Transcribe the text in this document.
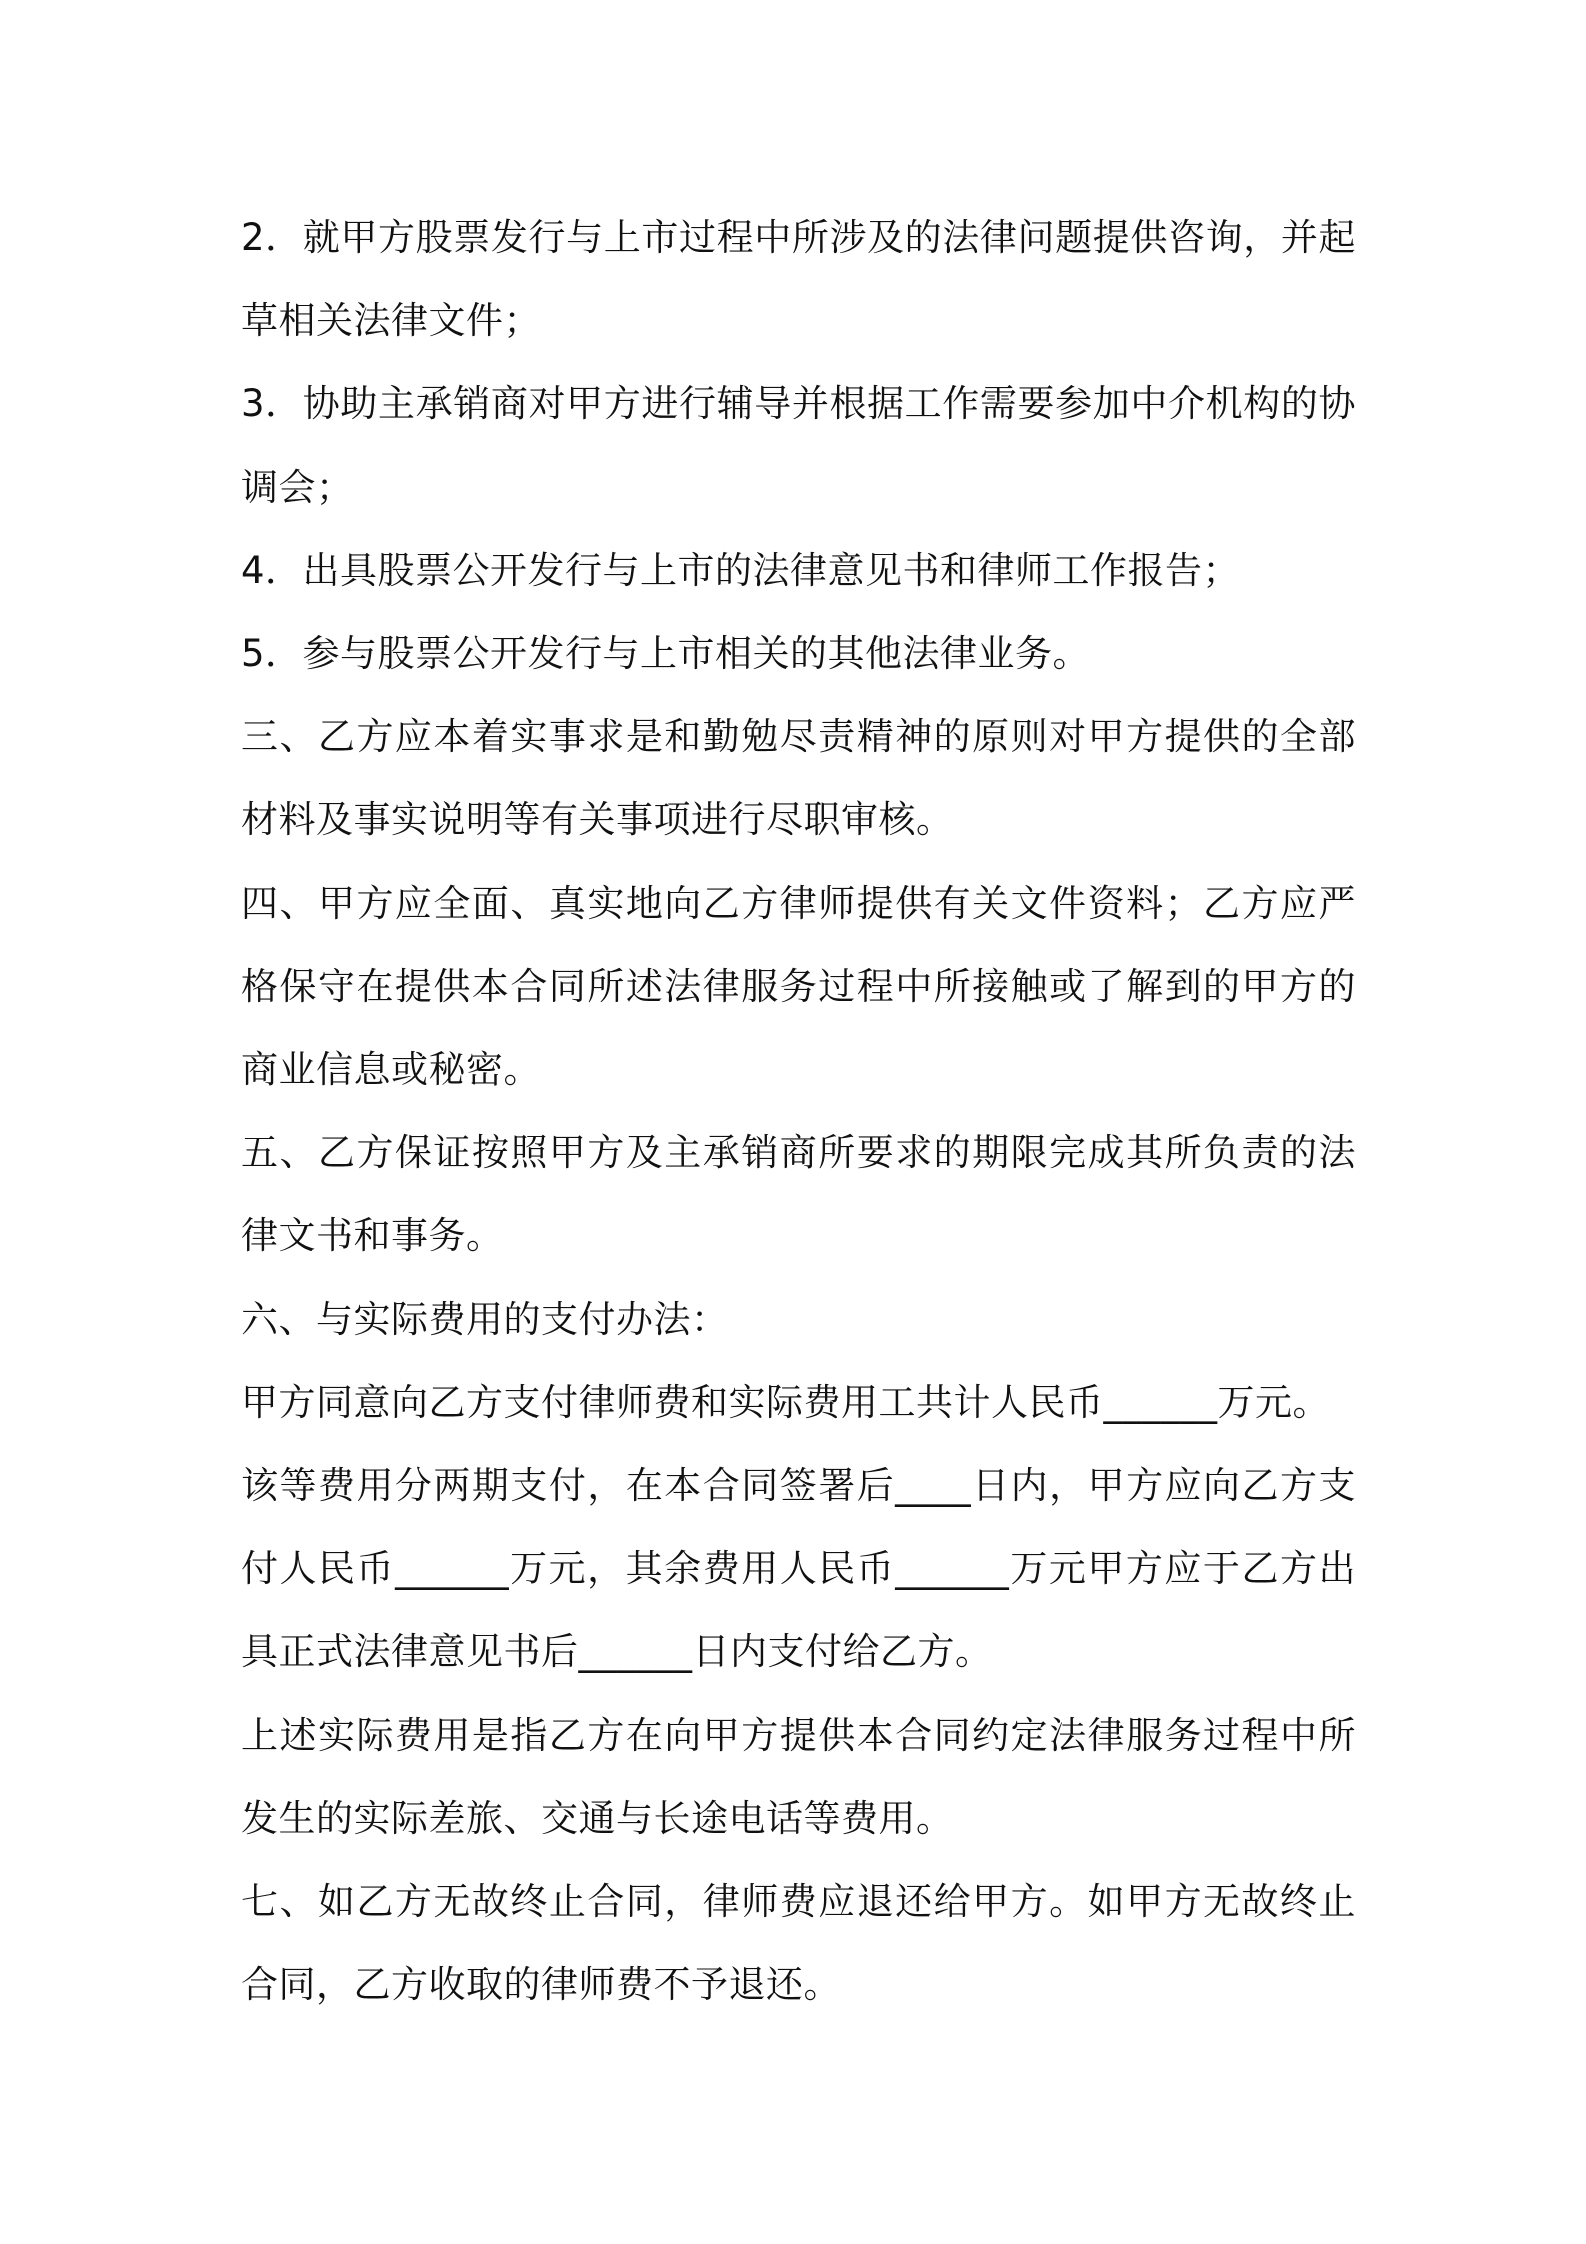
2．就甲方股票发行与上市过程中所涉及的法律问题提供咨询，并起草相关法律文件；

3．协助主承销商对甲方进行辅导并根据工作需要参加中介机构的协调会；

4．出具股票公开发行与上市的法律意见书和律师工作报告；

5．参与股票公开发行与上市相关的其他法律业务。

三、乙方应本着实事求是和勤勉尽责精神的原则对甲方提供的全部材料及事实说明等有关事项进行尽职审核。

四、甲方应全面、真实地向乙方律师提供有关文件资料；乙方应严格保守在提供本合同所述法律服务过程中所接触或了解到的甲方的商业信息或秘密。

五、乙方保证按照甲方及主承销商所要求的期限完成其所负责的法律文书和事务。

六、与实际费用的支付办法：

甲方同意向乙方支付律师费和实际费用工共计人民币______万元。

该等费用分两期支付，在本合同签署后____日内，甲方应向乙方支付人民币______万元，其余费用人民币______万元甲方应于乙方出具正式法律意见书后______日内支付给乙方。

上述实际费用是指乙方在向甲方提供本合同约定法律服务过程中所发生的实际差旅、交通与长途电话等费用。

七、如乙方无故终止合同，律师费应退还给甲方。如甲方无故终止合同，乙方收取的律师费不予退还。
